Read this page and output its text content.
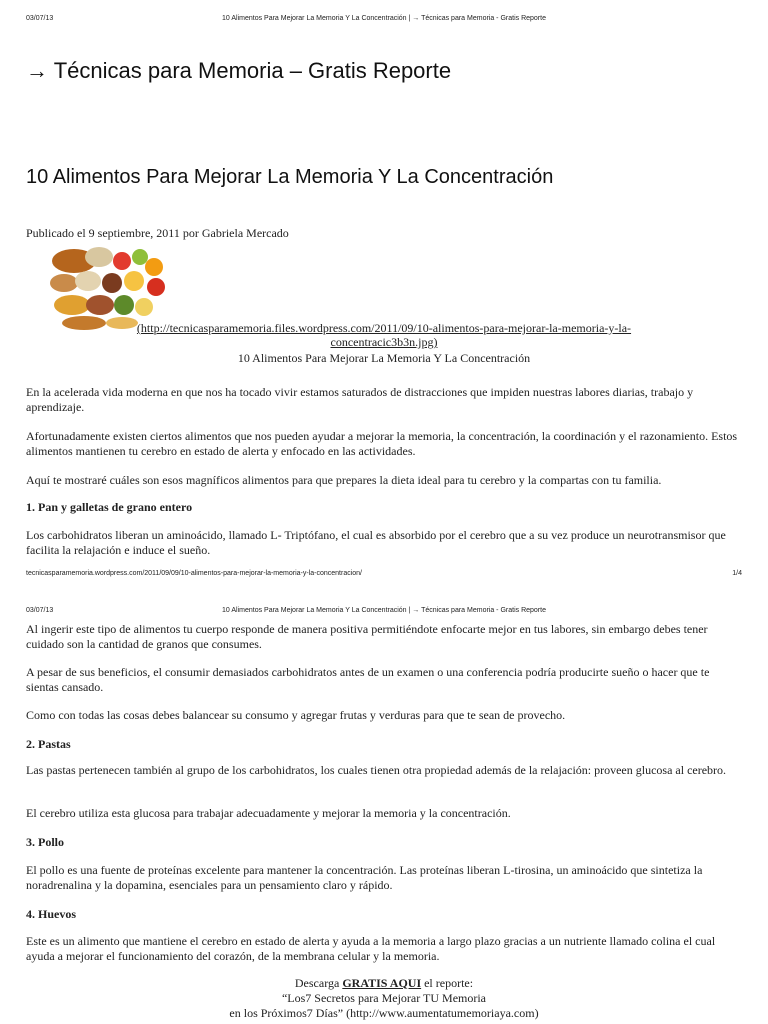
10 Alimentos Para Mejorar La Memoria Y La Concentración | → Técnicas para Memoria - Gratis Reporte
03/07/13
→ Técnicas para Memoria – Gratis Reporte
10 Alimentos Para Mejorar La Memoria Y La Concentración
Publicado el 9 septiembre, 2011 por Gabriela Mercado
(http://tecnicasparamemoria.files.wordpress.com/2011/09/10-alimentos-para-mejorar-la-memoria-y-la-
concentracic3b3n.jpg)
10 Alimentos Para Mejorar La Memoria Y La Concentración

En la acelerada vida moderna en que nos ha tocado vivir estamos saturados de distracciones que impiden nuestras labores diarias, trabajo y aprendizaje.

Afortunadamente existen ciertos alimentos que nos pueden ayudar a mejorar la memoria, la concentración, la coordinación y el razonamiento. Estos alimentos mantienen tu cerebro en estado de alerta y enfocado en las actividades.

Aquí te mostraré cuáles son esos magníficos alimentos para que prepares la dieta ideal para tu cerebro y la compartas con tu familia.

1. Pan y galletas de grano entero

Los carbohidratos liberan un aminoácido, llamado L- Triptófano, el cual es absorbido por el cerebro que a su vez produce un neurotransmisor que facilita la relajación e induce el sueño.

tecnicasparamemoria.wordpress.com/2011/09/09/10-alimentos-para-mejorar-la-memoria-y-la-concentracion/	1/4
10 Alimentos Para Mejorar La Memoria Y La Concentración | → Técnicas para Memoria - Gratis Reporte
03/07/13

Al ingerir este tipo de alimentos tu cuerpo responde de manera positiva permitiéndote enfocarte mejor en tus labores, sin embargo debes tener cuidado son la cantidad de granos que consumes.

A pesar de sus beneficios, el consumir demasiados carbohidratos antes de un examen o una conferencia podría producirte sueño o hacer que te sientas cansado.

Como con todas las cosas debes balancear su consumo y agregar frutas y verduras para que te sean de provecho.

2. Pastas

Las pastas pertenecen también al grupo de los carbohidratos, los cuales tienen otra propiedad además de la relajación: proveen glucosa al cerebro.

El cerebro utiliza esta glucosa para trabajar adecuadamente y mejorar la memoria y la concentración.

3. Pollo

El pollo es una fuente de proteínas excelente para mantener la concentración. Las proteínas liberan L-tirosina, un aminoácido que sintetiza la noradrenalina y la dopamina, esenciales para un pensamiento claro y rápido.

4. Huevos

Este es un alimento que mantiene el cerebro en estado de alerta y ayuda a la memoria a largo plazo gracias a un nutriente llamado colina el cual ayuda a mejorar el funcionamiento del corazón, de la membrana celular y la memoria.

Descarga GRATIS AQUI el reporte:
“Los7 Secretos para Mejorar TU Memoria
en los Próximos7 Días” (http://www.aumentatumemoriaya.com)
